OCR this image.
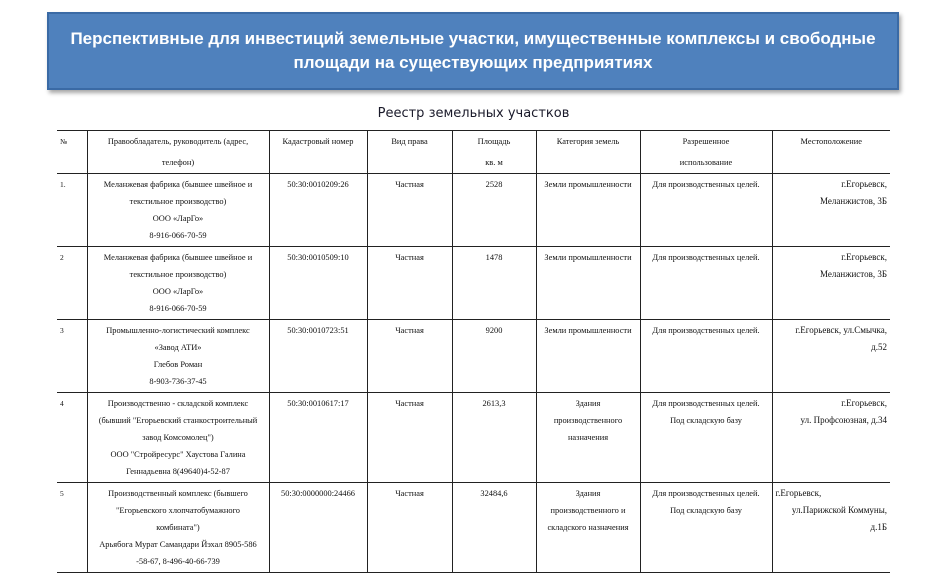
Перспективные для инвестиций земельные участки, имущественные комплексы и свободные площади на существующих предприятиях
Реестр земельных участков
№	Правообладатель, руководитель (адрес,
телефон)	Кадастровый номер	Вид права	Площадь
кв. м	Категория земель	Разрешенное
использование	Местоположение
1.	Меланжевая фабрика (бывшее швейное и
текстильное производство)
ООО «ЛарГо»
8-916-066-70-59	50:30:0010209:26	Частная	2528	Земли промышленности	Для производственных целей.	г.Егорьевск,
Меланжистов, 3Б

2	Меланжевая фабрика (бывшее швейное и
текстильное производство)
ООО «ЛарГо»
8-916-066-70-59	50:30:0010509:10	Частная	1478	Земли промышленности	Для производственных целей.	г.Егорьевск,
Меланжистов, 3Б

3	Промышленно-логистический комплекс
«Завод АТИ»
Глебов Роман
8-903-736-37-45	50:30:0010723:51	Частная	9200	Земли промышленности	Для производственных целей.	г.Егорьевск, ул.Смычка,
д.52

4	Производственно - складской комплекс
(бывший "Егорьевский станкостроительный
завод Комсомолец")
ООО "Стройресурс" Хаустова Галина
Геннадьевна 8(49640)4-52-87	50:30:0010617:17	Частная	2613,3	Здания
производственного
назначения	Для производственных целей.
Под складскую базу	г.Егорьевск,
ул. Профсоюзная, д.34

5	Производственный комплекс (бывшего
"Егорьевского хлопчатобумажного
комбината")
Арьябога Мурат Самандари Йэхал 8905-586
-58-67, 8-496-40-66-739	50:30:0000000:24466	Частная	32484,6	Здания
производственного и
складского назначения	Для производственных целей.
Под складскую базу	г.Егорьевск,
ул.Парижской Коммуны,
д.1Б
